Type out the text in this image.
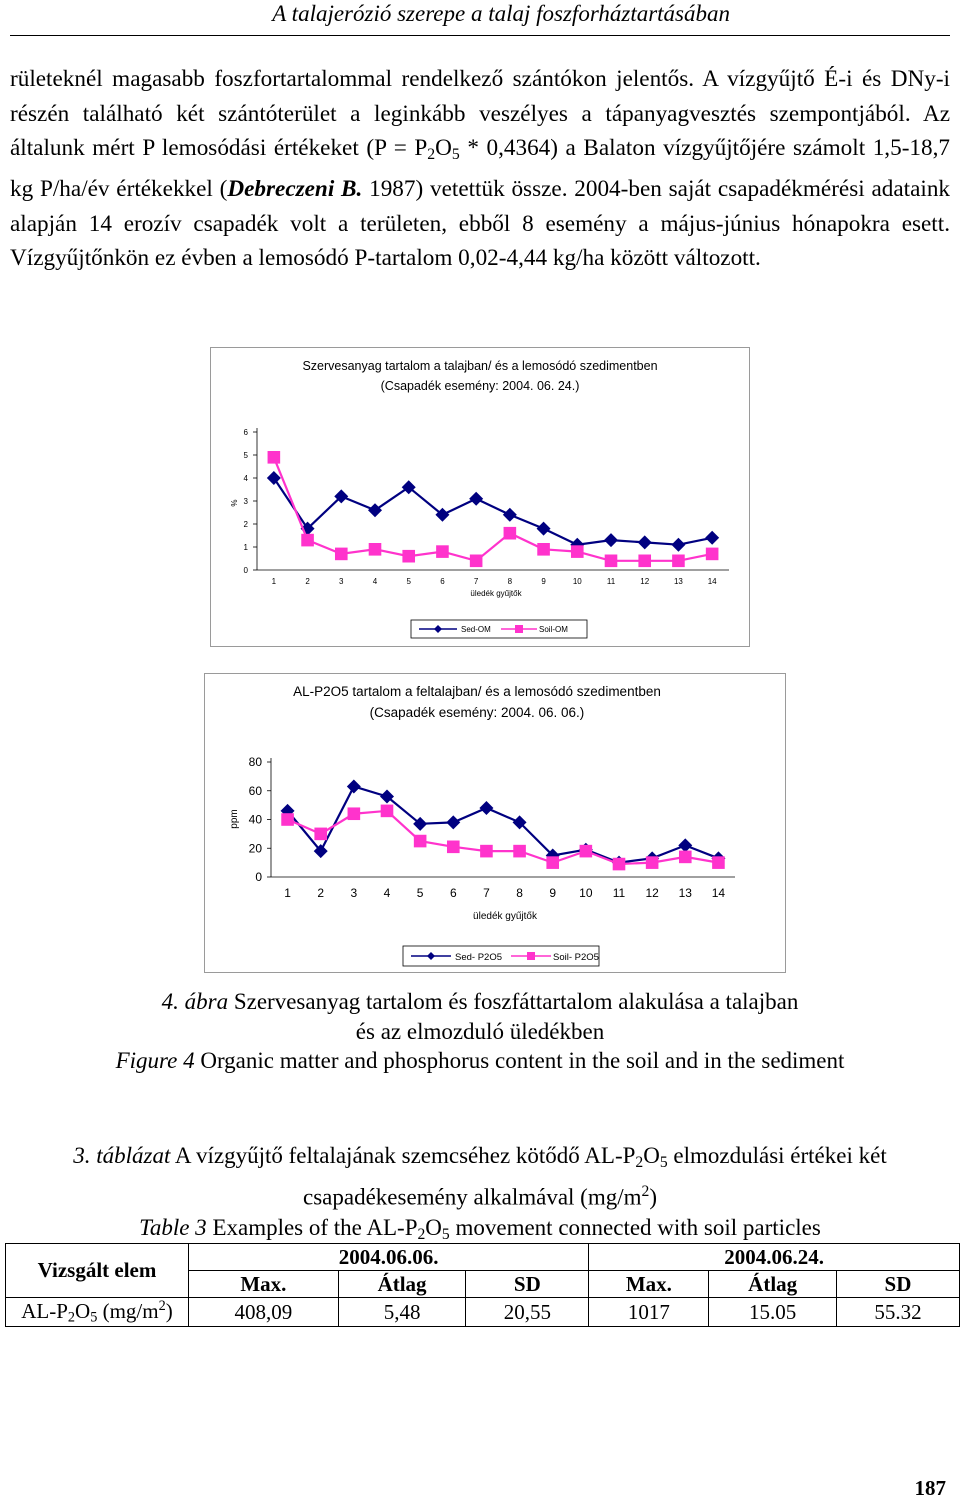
A talajerózió szerepe a talaj foszforháztartásában

rületeknél magasabb foszfortartalommal rendelkező szántókon jelentős. A vízgyűjtő É-i és DNy-i részén található két szántóterület a leginkább veszélyes a tápanyagvesztés szempontjából. Az általunk mért P lemosódási értékeket (P = P2O5 * 0,4364) a Balaton vízgyűjtőjére számolt 1,5-18,7 kg P/ha/év értékekkel (Debreczeni B. 1987) vetettük össze. 2004-ben saját csapadékmérési adataink alapján 14 erozív csapadék volt a területen, ebből 8 esemény a május-június hónapokra esett. Vízgyűjtőnkön ez évben a lemosódó P-tartalom 0,02-4,44 kg/ha között változott.

Szervesanyag tartalom a talajban/ és a lemosódó szedimentben
(Csapadék esemény: 2004. 06. 24.)
%
üledék gyűjtők
0
1
2
3
4
5
6
1	2	3	4	5	6	7	8	9	10	11	12	13	14
Sed-OM	Soil-OM
AL-P2O5 tartalom a feltalajban/ és a lemosódó szedimentben
(Csapadék esemény: 2004. 06. 06.)
ppm
üledék gyűjtők
0
20
40
60
80
1 2 3 4 5 6 7 8 9 10 11 12 13 14
Sed- P2O5	Soil- P2O5
4. ábra Szervesanyag tartalom és foszfáttartalom alakulása a talajban
és az elmozduló üledékben
Figure 4 Organic matter and phosphorus content in the soil and in the sediment
3. táblázat A vízgyűjtő feltalajának szemcséhez kötődő AL-P2O5 elmozdulási értékei két
csapadékesemény alkalmával $(mg/m^2)$
Table 3 Examples of the AL-P2O5 movement connected with soil particles
Vizsgált elem	2004.06.06.			2004.06.24.		
	Max.	Átlag	SD	Max.	Átlag	SD
AL-P2O5 $(mg/m^2)$	408,09	5,48	20,55	1017	15.05	55.32
187
